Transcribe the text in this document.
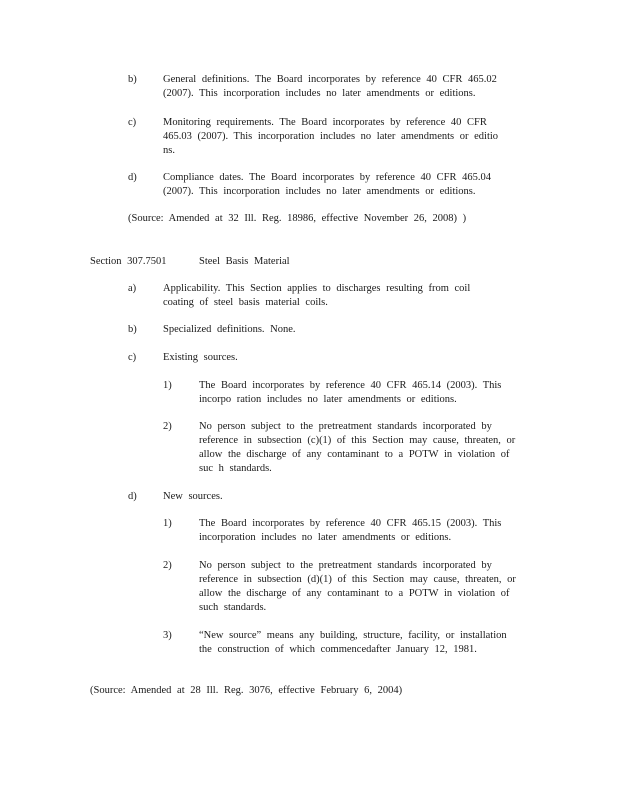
b)	General definitions. The Board incorporates by reference 40 CFR 465.02 (2007). This incorporation includes no later amendments or editions.
c)	Monitoring requirements. The Board incorporates by reference 40 CFR 465.03 (2007). This incorporation includes no later amendments or editio ns.
d)	Compliance dates. The Board incorporates by reference 40 CFR 465.04 (2007). This incorporation includes no later amendments or editions.
(Source: Amended at 32 Ill. Reg. 18986, effective November 26, 2008) )
Section 307.7501	Steel Basis Material
a)	Applicability. This Section applies to discharges resulting from coil coating of steel basis material coils.
b)	Specialized definitions. None.
c)	Existing sources.
1)	The Board incorporates by reference 40 CFR 465.14 (2003). This incorpo ration includes no later amendments or editions.
2)	No person subject to the pretreatment standards incorporated by reference in subsection (c)(1) of this Section may cause, threaten, or allow the discharge of any contaminant to a POTW in violation of suc h standards.
d)	New sources.
1)	The Board incorporates by reference 40 CFR 465.15 (2003). This incorporation includes no later amendments or editions.
2)	No person subject to the pretreatment standards incorporated by reference in subsection (d)(1) of this Section may cause, threaten, or allow the discharge of any contaminant to a POTW in violation of such standards.
3)	“New source” means any building, structure, facility, or installation the construction of which commencedafter January 12, 1981.
(Source: Amended at 28 Ill. Reg. 3076, effective February 6, 2004)
